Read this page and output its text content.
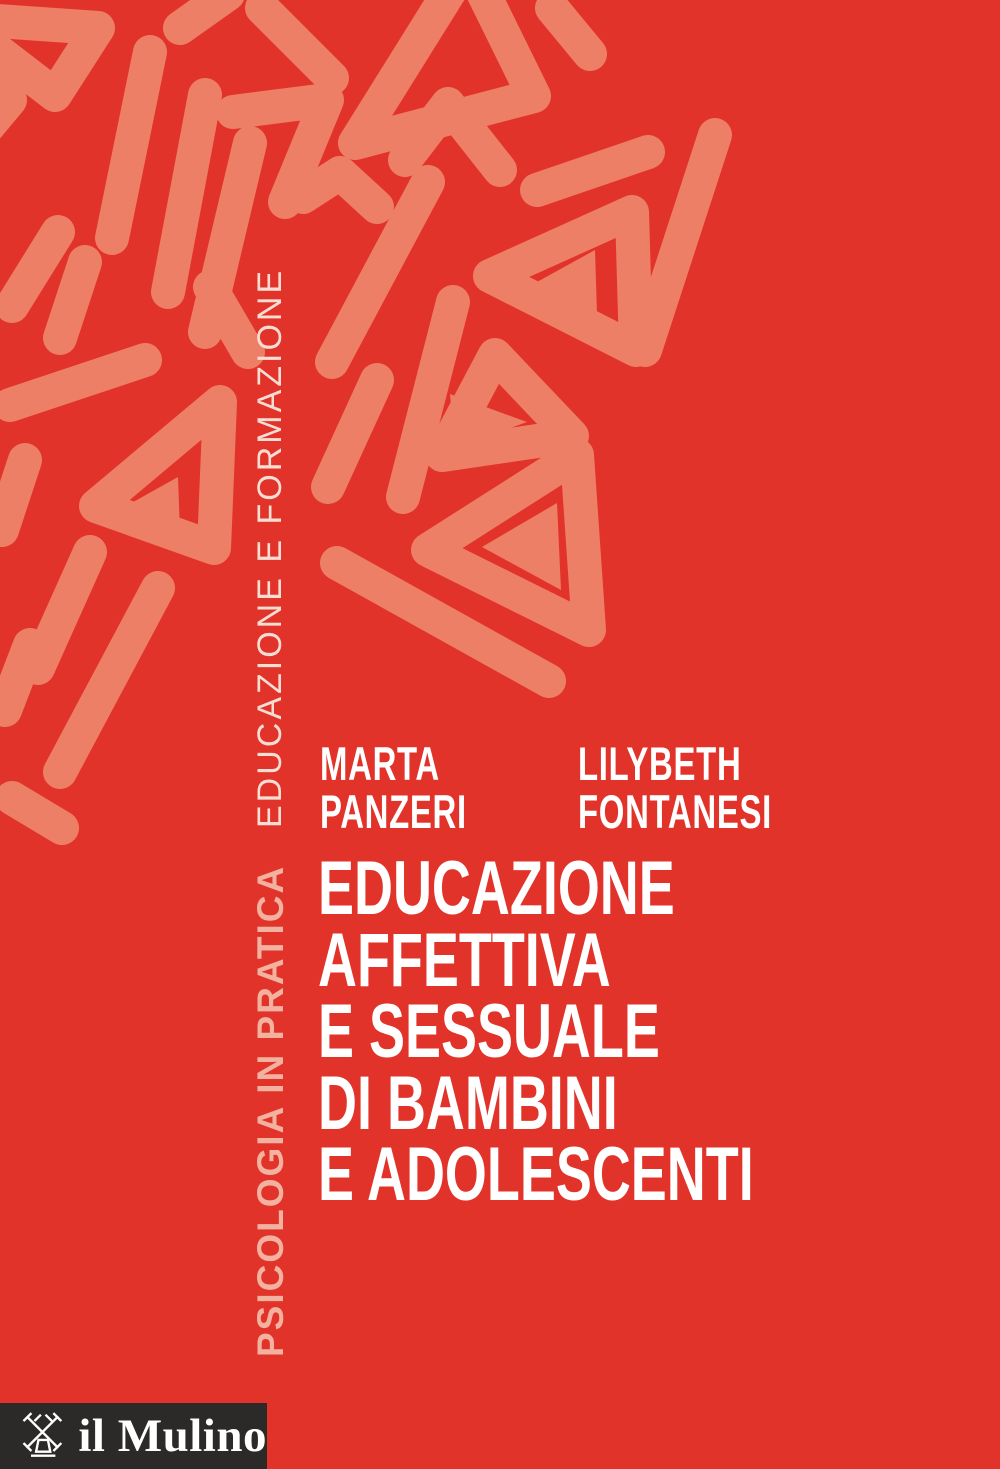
EDUCAZIONE E FORMAZIONE
PSICOLOGIA IN PRATICA
MARTA
PANZERI
LILYBETH
FONTANESI
EDUCAZIONE
AFFETTIVA
E SESSUALE
DI BAMBINI
E ADOLESCENTI
il Mulino
